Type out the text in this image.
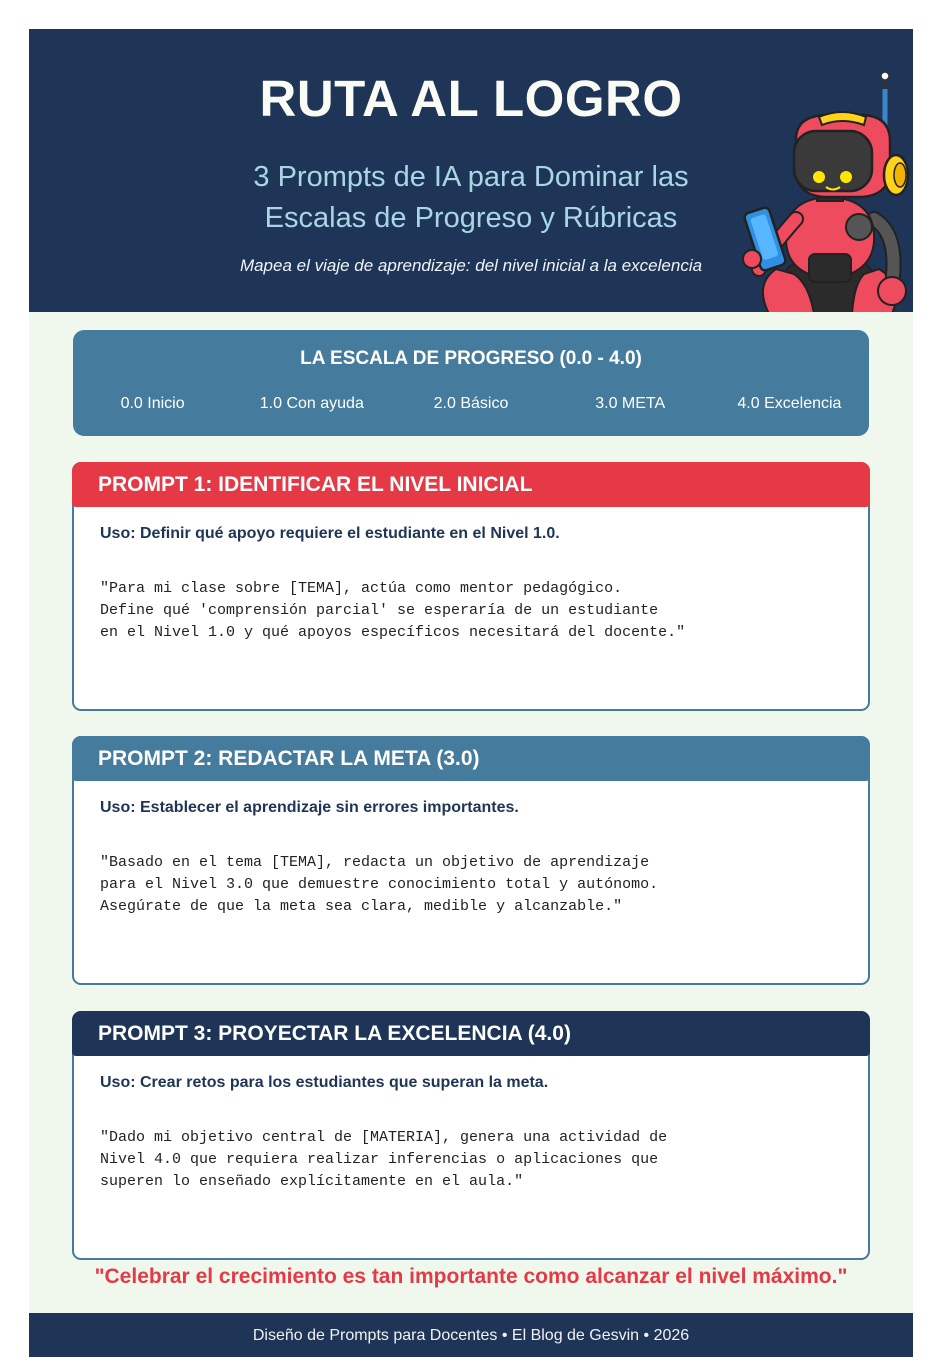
RUTA AL LOGRO
3 Prompts de IA para Dominar las Escalas de Progreso y Rúbricas
Mapea el viaje de aprendizaje: del nivel inicial a la excelencia
LA ESCALA DE PROGRESO (0.0 - 4.0)
0.0 Inicio	1.0 Con ayuda	2.0 Básico	3.0 META	4.0 Excelencia
PROMPT 1: IDENTIFICAR EL NIVEL INICIAL
Uso: Definir qué apoyo requiere el estudiante en el Nivel 1.0.
"Para mi clase sobre [TEMA], actúa como mentor pedagógico.
Define qué 'comprensión parcial' se esperaría de un estudiante
en el Nivel 1.0 y qué apoyos específicos necesitará del docente."
PROMPT 2: REDACTAR LA META (3.0)
Uso: Establecer el aprendizaje sin errores importantes.
"Basado en el tema [TEMA], redacta un objetivo de aprendizaje
para el Nivel 3.0 que demuestre conocimiento total y autónomo.
Asegúrate de que la meta sea clara, medible y alcanzable."
PROMPT 3: PROYECTAR LA EXCELENCIA (4.0)
Uso: Crear retos para los estudiantes que superan la meta.
"Dado mi objetivo central de [MATERIA], genera una actividad de
Nivel 4.0 que requiera realizar inferencias o aplicaciones que
superen lo enseñado explícitamente en el aula."
"Celebrar el crecimiento es tan importante como alcanzar el nivel máximo."
Diseño de Prompts para Docentes • El Blog de Gesvin • 2026
